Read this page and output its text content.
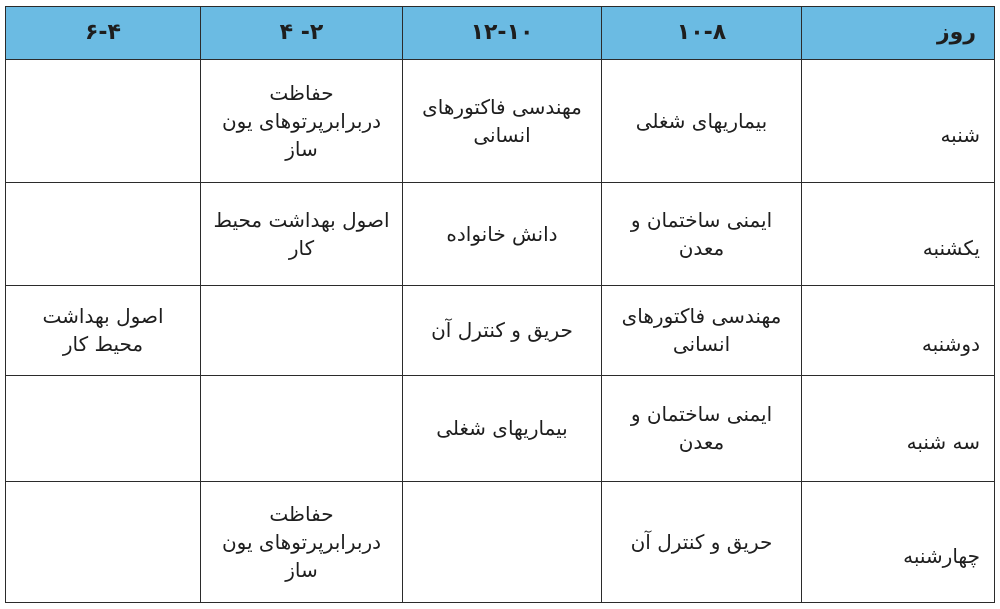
روز	۱۰-۸	۱۲-۱۰	۴ -۲	۶-۴
شنبه	بیماریهای شغلی	مهندسی فاکتورهای انسانی	حفاظت دربرابرپرتوهای یون ساز	
یکشنبه	ایمنی ساختمان و معدن	دانش خانواده	اصول بهداشت محیط کار	
دوشنبه	مهندسی فاکتورهای انسانی	حریق و کنترل آن		اصول بهداشت محیط کار
سه شنبه	ایمنی ساختمان و معدن	بیماریهای شغلی		
چهارشنبه	حریق و کنترل آن		حفاظت دربرابرپرتوهای یون ساز	
